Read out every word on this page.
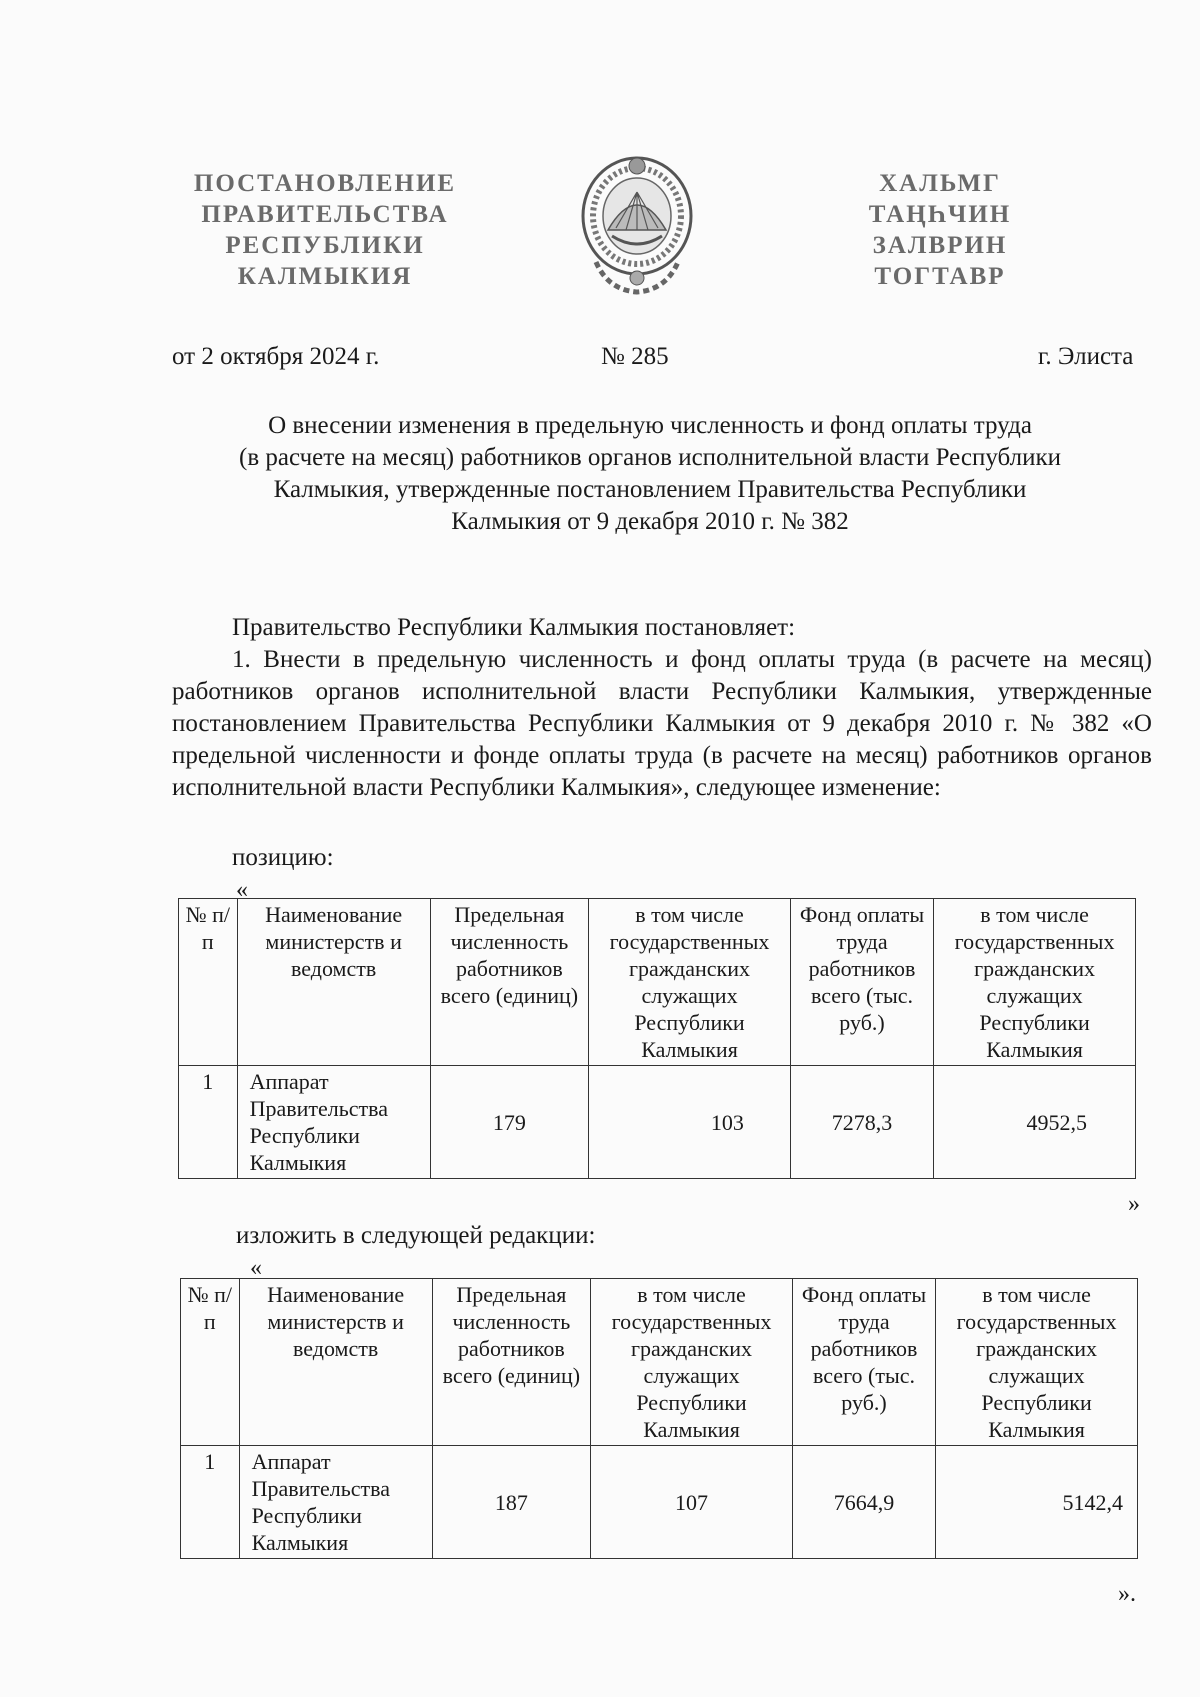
ПОСТАНОВЛЕНИЕ
ПРАВИТЕЛЬСТВА
РЕСПУБЛИКИ
КАЛМЫКИЯ
ХАЛЬМГ
ТАҢҺЧИН
ЗАЛВРИН
ТОГТАВР
от 2 октября 2024 г.	№ 285	г. Элиста
О внесении изменения в предельную численность и фонд оплаты труда
(в расчете на месяц) работников органов исполнительной власти Республики
Калмыкия, утвержденные постановлением Правительства Республики
Калмыкия от 9 декабря 2010 г. № 382
Правительство Республики Калмыкия постановляет:
1. Внести в предельную численность и фонд оплаты труда (в расчете на месяц) работников органов исполнительной власти Республики Калмыкия, утвержденные постановлением Правительства Республики Калмыкия от 9 декабря 2010 г. № 382 «О предельной численности и фонде оплаты труда (в расчете на месяц) работников органов исполнительной власти Республики Калмыкия», следующее изменение:
позицию:
«
№ п/п	Наименование министерств и ведомств	Предельная численность работников всего (единиц)	в том числе государственных гражданских служащих Республики Калмыкия	Фонд оплаты труда работников всего (тыс. руб.)	в том числе государственных гражданских служащих Республики Калмыкия
1	Аппарат Правительства Республики Калмыкия	179	103	7278,3	4952,5
»
изложить в следующей редакции:
«
№ п/п	Наименование министерств и ведомств	Предельная численность работников всего (единиц)	в том числе государственных гражданских служащих Республики Калмыкия	Фонд оплаты труда работников всего (тыс. руб.)	в том числе государственных гражданских служащих Республики Калмыкия
1	Аппарат Правительства Республики Калмыкия	187	107	7664,9	5142,4
».
